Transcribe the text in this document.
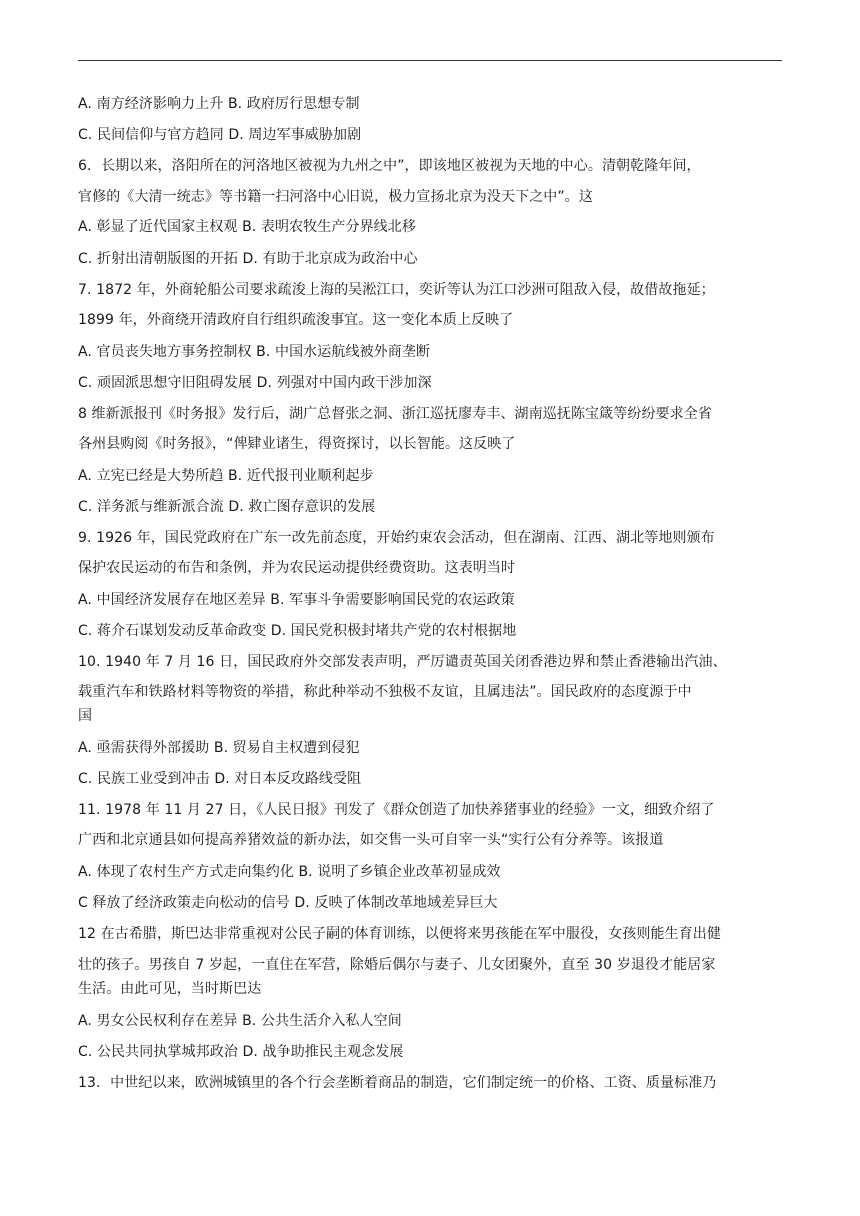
A. 南方经济影响力上升 B. 政府厉行思想专制
C. 民间信仰与官方趋同 D. 周边军事威胁加剧
6．长期以来，洛阳所在的河洛地区被视为九州之中”，即该地区被视为天地的中心。清朝乾隆年间，
官修的《大清一统志》等书籍一扫河洛中心旧说，极力宣扬北京为没天下之中”。这
A. 彰显了近代国家主权观 B. 表明农牧生产分界线北移
C. 折射出清朝版图的开拓 D. 有助于北京成为政治中心
7. 1872 年，外商轮船公司要求疏浚上海的吴淞江口，奕䜣等认为江口沙洲可阻敌入侵，故借故拖延；
1899 年，外商绕开清政府自行组织疏浚事宜。这一变化本质上反映了
A. 官员丧失地方事务控制权 B. 中国水运航线被外商垄断
C. 顽固派思想守旧阻碍发展 D. 列强对中国内政干涉加深
8 维新派报刊《时务报》发行后，湖广总督张之洞、浙江巡抚廖寿丰、湖南巡抚陈宝箴等纷纷要求全省
各州县购阅《时务报》，“俾肄业诸生，得资探讨，以长智能。这反映了
A. 立宪已经是大势所趋 B. 近代报刊业顺利起步
C. 洋务派与维新派合流 D. 救亡图存意识的发展
9. 1926 年，国民党政府在广东一改先前态度，开始约束农会活动，但在湖南、江西、湖北等地则颁布
保护农民运动的布告和条例，并为农民运动提供经费资助。这表明当时
A. 中国经济发展存在地区差异 B. 军事斗争需要影响国民党的农运政策
C. 蒋介石谋划发动反革命政变 D. 国民党积极封堵共产党的农村根据地
10. 1940 年 7 月 16 日，国民政府外交部发表声明，严厉谴责英国关闭香港边界和禁止香港输出汽油、
载重汽车和铁路材料等物资的举措，称此种举动不独极不友谊，且属违法”。国民政府的态度源于中
国
A. 亟需获得外部援助 B. 贸易自主权遭到侵犯
C. 民族工业受到冲击 D. 对日本反攻路线受阻
11. 1978 年 11 月 27 日，《人民日报》刊发了《群众创造了加快养猪事业的经验》一文，细致介绍了
广西和北京通县如何提高养猪效益的新办法，如交售一头可自宰一头“实行公有分养等。该报道
A. 体现了农村生产方式走向集约化 B. 说明了乡镇企业改革初显成效
C 释放了经济政策走向松动的信号 D. 反映了体制改革地域差异巨大
12 在古希腊，斯巴达非常重视对公民子嗣的体育训练，以便将来男孩能在军中服役，女孩则能生育出健
壮的孩子。男孩自 7 岁起，一直住在军营，除婚后偶尔与妻子、儿女团聚外，直至 30 岁退役才能居家
生活。由此可见，当时斯巴达
A. 男女公民权利存在差异 B. 公共生活介入私人空间
C. 公民共同执掌城邦政治 D. 战争助推民主观念发展
13．中世纪以来，欧洲城镇里的各个行会垄断着商品的制造，它们制定统一的价格、工资、质量标准乃
